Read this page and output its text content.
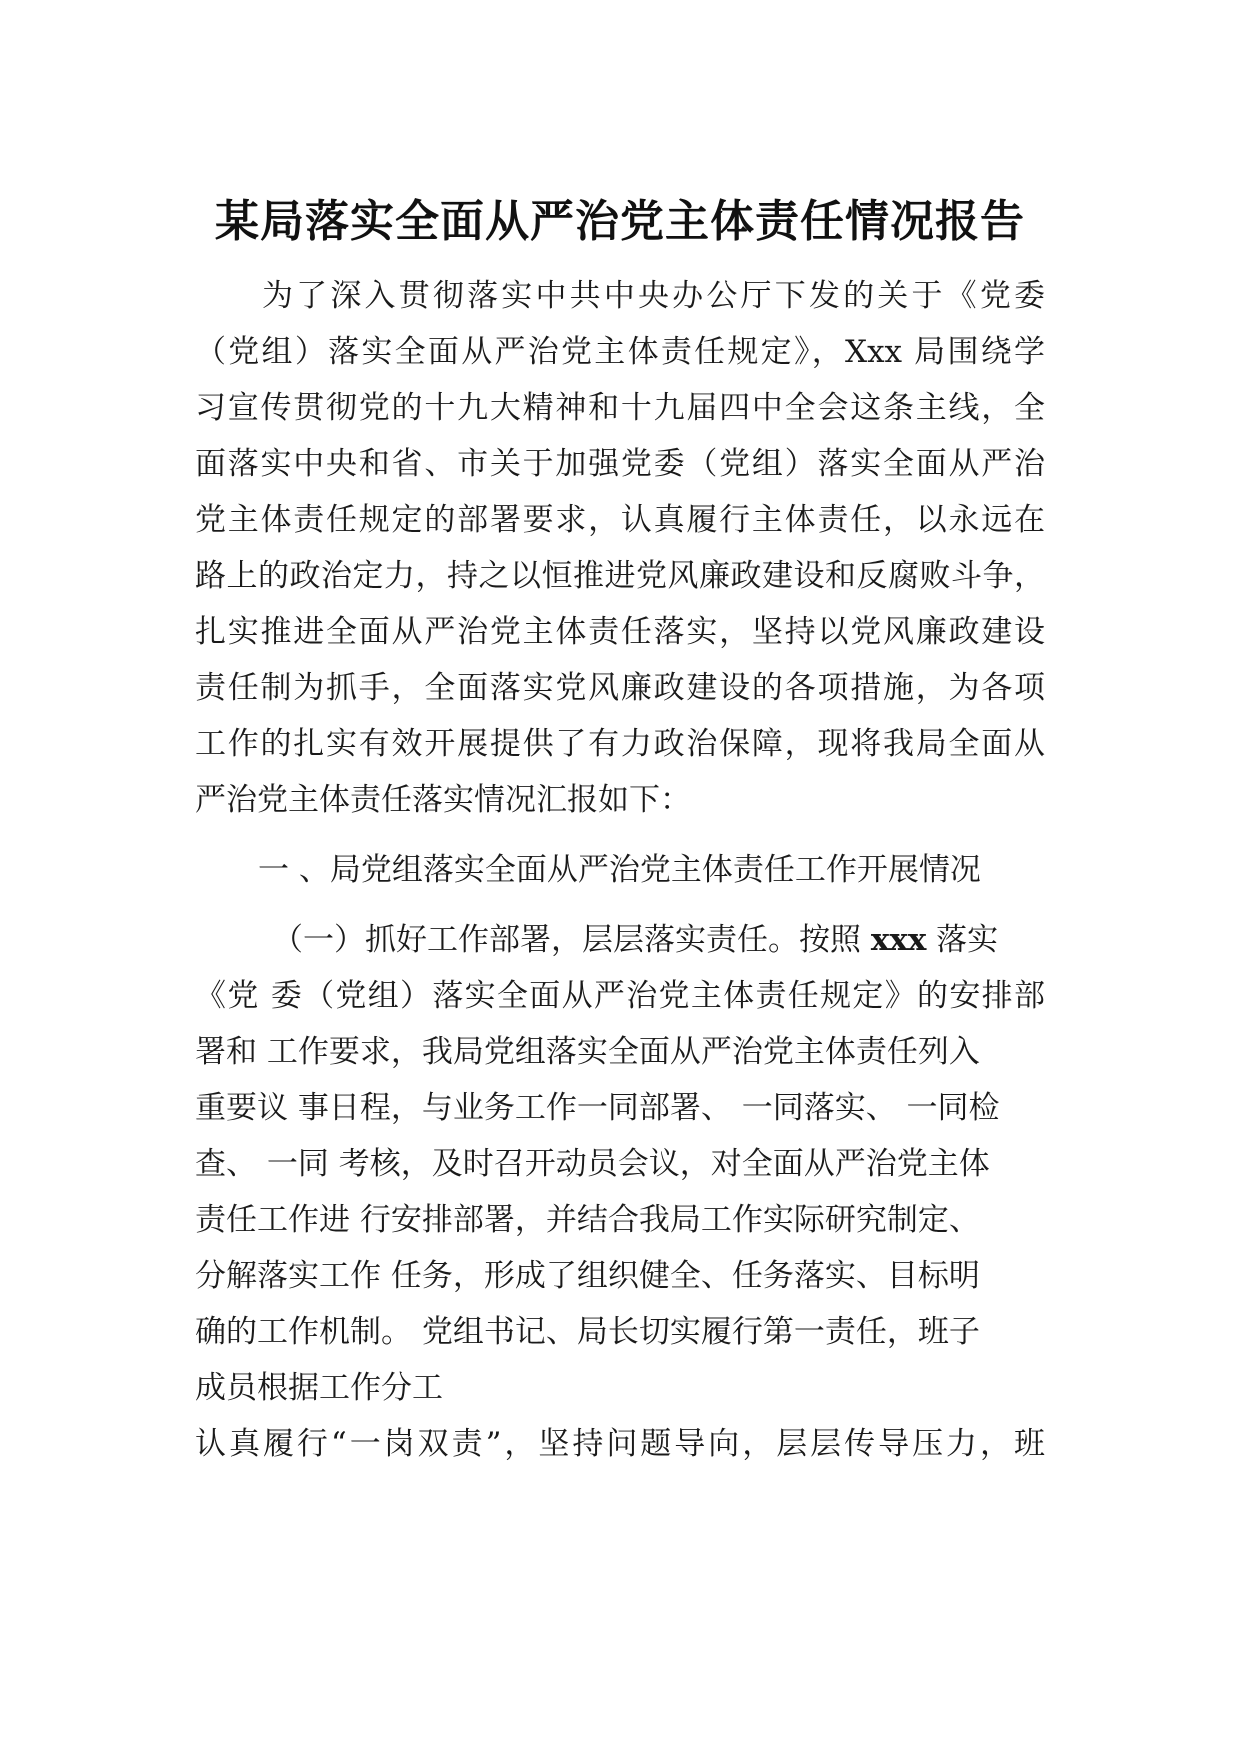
某局落实全面从严治党主体责任情况报告
为了深入贯彻落实中共中央办公厅下发的关于《党委
（党组）落实全面从严治党主体责任规定》，Xxx 局围绕学
习宣传贯彻党的十九大精神和十九届四中全会这条主线，全
面落实中央和省、市关于加强党委（党组）落实全面从严治
党主体责任规定的部署要求，认真履行主体责任，以永远在
路上的政治定力，持之以恒推进党风廉政建设和反腐败斗争，
扎实推进全面从严治党主体责任落实，坚持以党风廉政建设
责任制为抓手，全面落实党风廉政建设的各项措施，为各项
工作的扎实有效开展提供了有力政治保障，现将我局全面从
严治党主体责任落实情况汇报如下：
一 、局党组落实全面从严治党主体责任工作开展情况
（一）抓好工作部署，层层落实责任。按照 xxx 落实
《党 委（党组）落实全面从严治党主体责任规定》的安排部
署和 工作要求，我局党组落实全面从严治党主体责任列入
重要议 事日程，与业务工作一同部署、 一同落实、 一同检
查、 一同 考核，及时召开动员会议，对全面从严治党主体
责任工作进 行安排部署，并结合我局工作实际研究制定、
分解落实工作 任务，形成了组织健全、任务落实、目标明
确的工作机制。 党组书记、局长切实履行第一责任，班子
成员根据工作分工
认真履行“一岗双责”，坚持问题导向，层层传导压力，班
